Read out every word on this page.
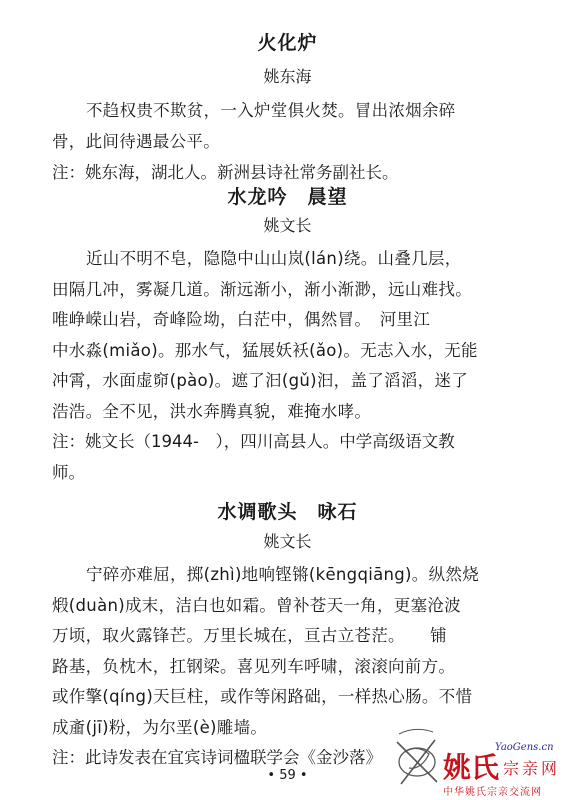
火化炉
姚东海
不趋权贵不欺贫，一入炉堂俱火焚。冒出浓烟余碎
骨，此间待遇最公平。
注：姚东海，湖北人。新洲县诗社常务副社长。
水龙吟　晨望
姚文长
近山不明不皂，隐隐中山山岚(lán)绕。山叠几层，
田隔几冲，雾凝几道。渐远渐小，渐小渐渺，远山难找。
唯峥嵘山岩，奇峰险坳，白茫中，偶然冒。　河里江
中水淼(miǎo)。那水气，猛展妖袄(ǎo)。无志入水，无能
冲霄，水面虚窌(pào)。遮了汩(gǔ)汩，盖了滔滔，迷了
浩浩。全不见，洪水奔腾真貌，难掩水哮。
注：姚文长（1944-　），四川高县人。中学高级语文教
师。
水调歌头　咏石
姚文长
宁碎亦难屈，掷(zhì)地响铿锵(kēngqiāng)。纵然烧
煅(duàn)成末，洁白也如霜。曾补苍天一角，更塞沧波
万顷，取火露锋芒。万里长城在，亘古立苍茫。　　铺
路基，负枕木，扛钢梁。喜见列车呼啸，滚滚向前方。
或作擎(qíng)天巨柱，或作等闲路础，一样热心肠。不惜
成齑(jī)粉，为尔垩(è)雕墙。
注：此诗发表在宜宾诗词楹联学会《金沙落》
• 59 •
YaoGens.cn
姚氏 宗亲网
中华姚氏宗亲交流网
